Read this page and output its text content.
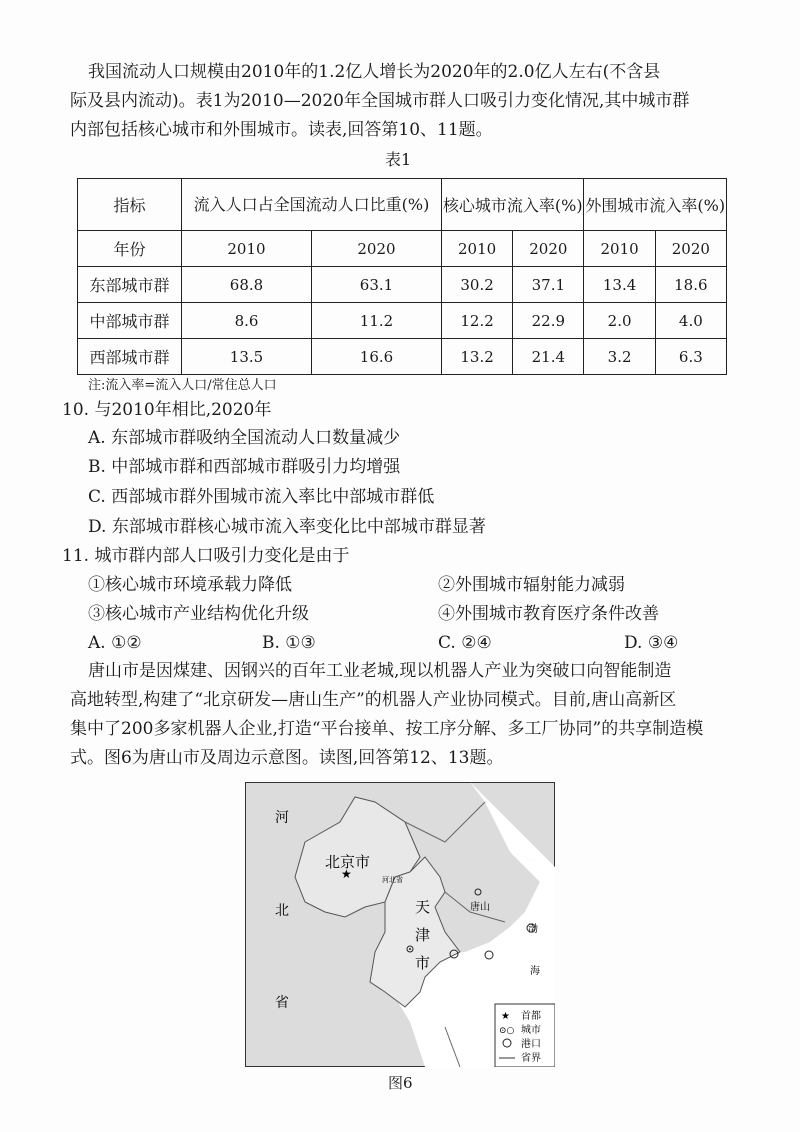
我国流动人口规模由2010年的1.2亿人增长为2020年的2.0亿人左右(不含县
际及县内流动)。表1为2010—2020年全国城市群人口吸引力变化情况,其中城市群
内部包括核心城市和外围城市。读表,回答第10、11题。
表1
指标	流入人口占全国流动人口比重(%)		核心城市流入率(%)		外围城市流入率(%)	
年份	2010	2020	2010	2020	2010	2020
东部城市群	68.8	63.1	30.2	37.1	13.4	18.6
中部城市群	8.6	11.2	12.2	22.9	2.0	4.0
西部城市群	13.5	16.6	13.2	21.4	3.2	6.3
注:流入率=流入人口/常住总人口
10. 与2010年相比,2020年
A. 东部城市群吸纳全国流动人口数量减少
B. 中部城市群和西部城市群吸引力均增强
C. 西部城市群外围城市流入率比中部城市群低
D. 东部城市群核心城市流入率变化比中部城市群显著
11. 城市群内部人口吸引力变化是由于
①核心城市环境承载力降低	②外围城市辐射能力减弱
③核心城市产业结构优化升级	④外围城市教育医疗条件改善
A. ①②	B. ①③	C. ②④	D. ③④
唐山市是因煤建、因钢兴的百年工业老城,现以机器人产业为突破口向智能制造
高地转型,构建了“北京研发—唐山生产”的机器人产业协同模式。目前,唐山高新区
集中了200多家机器人企业,打造“平台接单、按工序分解、多工厂协同”的共享制造模
式。图6为唐山市及周边示意图。读图,回答第12、13题。
河
北
省
北京市
★	河北省
天
津
市
唐山
渤
海
★ 首都
⊙○ 城市
港口
省界
图6
